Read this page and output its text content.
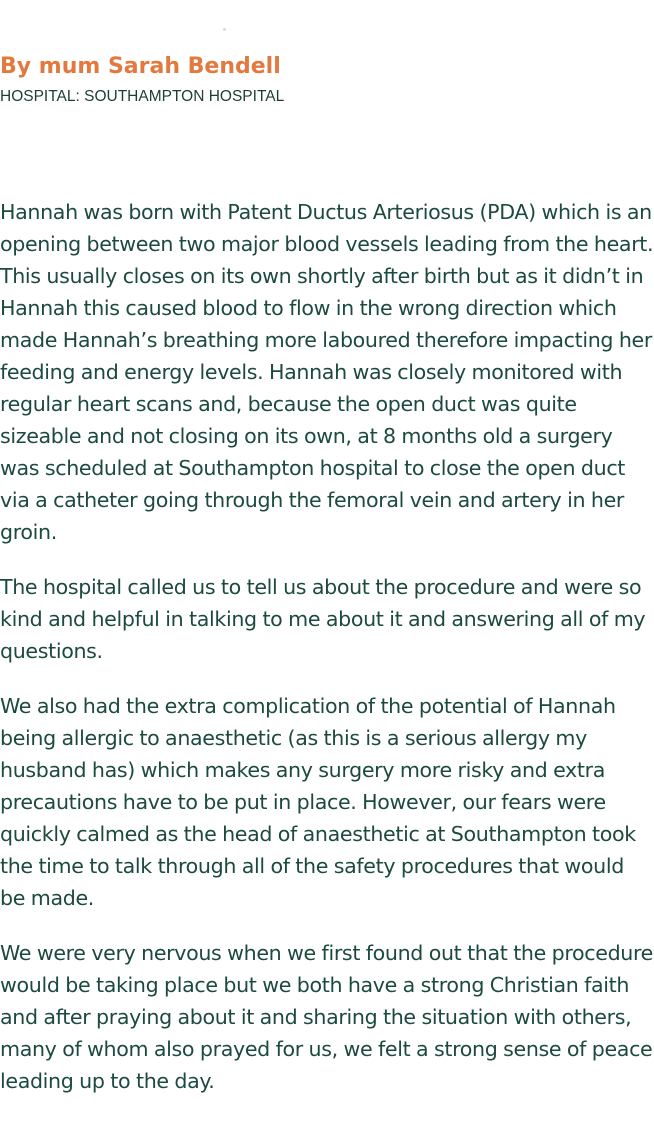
By mum Sarah Bendell

HOSPITAL: SOUTHAMPTON HOSPITAL

Hannah was born with Patent Ductus Arteriosus (PDA) which is an opening between two major blood vessels leading from the heart. This usually closes on its own shortly after birth but as it didn’t in Hannah this caused blood to flow in the wrong direction which made Hannah’s breathing more laboured therefore impacting her feeding and energy levels. Hannah was closely monitored with regular heart scans and, because the open duct was quite sizeable and not closing on its own, at 8 months old a surgery was scheduled at Southampton hospital to close the open duct via a catheter going through the femoral vein and artery in her groin.

The hospital called us to tell us about the procedure and were so kind and helpful in talking to me about it and answering all of my questions.

We also had the extra complication of the potential of Hannah being allergic to anaesthetic (as this is a serious allergy my husband has) which makes any surgery more risky and extra precautions have to be put in place. However, our fears were quickly calmed as the head of anaesthetic at Southampton took the time to talk through all of the safety procedures that would be made.

We were very nervous when we first found out that the procedure would be taking place but we both have a strong Christian faith and after praying about it and sharing the situation with others, many of whom also prayed for us, we felt a strong sense of peace leading up to the day.
